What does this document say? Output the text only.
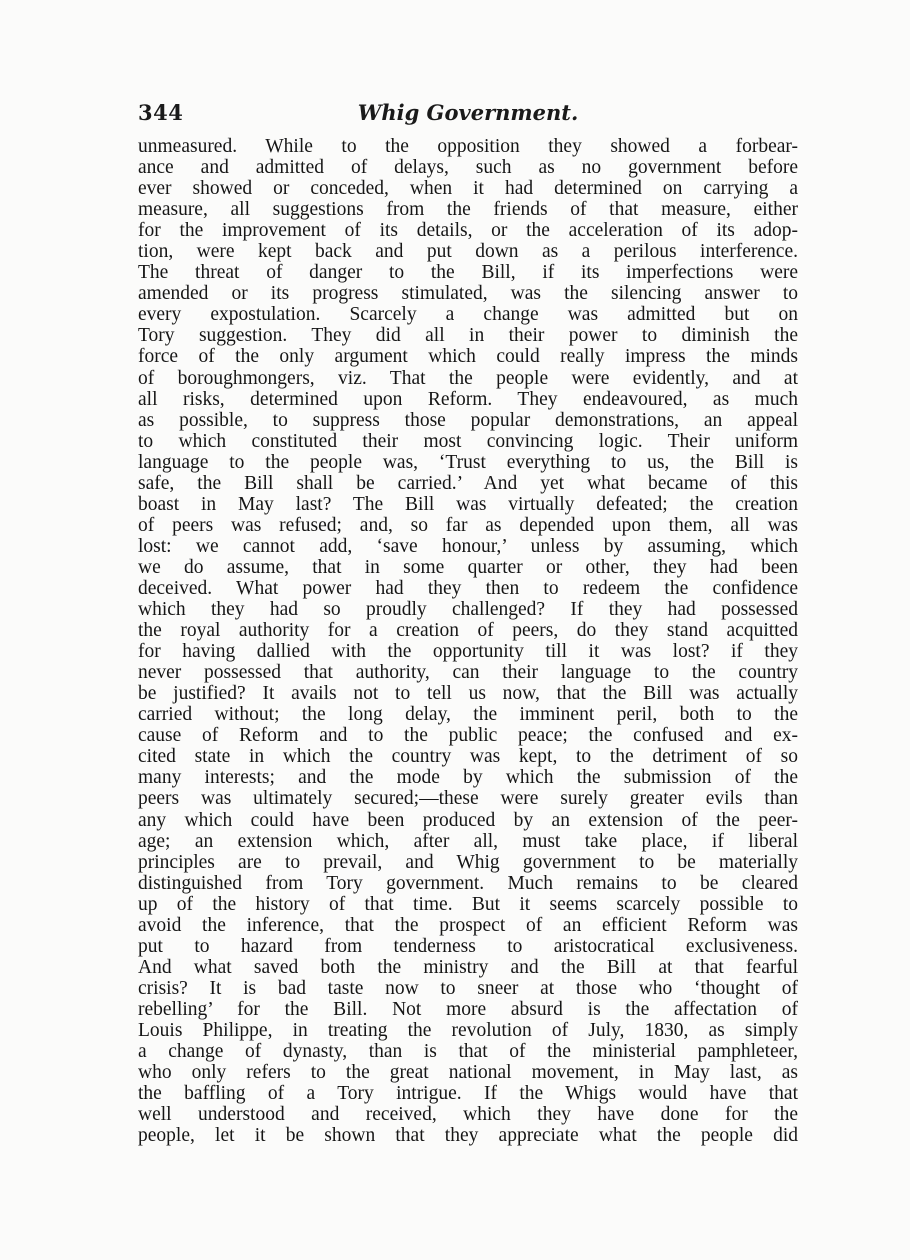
344	Whig Government.
unmeasured. While to the opposition they showed a forbear-
ance and admitted of delays, such as no government before
ever showed or conceded, when it had determined on carrying a
measure, all suggestions from the friends of that measure, either
for the improvement of its details, or the acceleration of its adop-
tion, were kept back and put down as a perilous interference.
The threat of danger to the Bill, if its imperfections were
amended or its progress stimulated, was the silencing answer to
every expostulation. Scarcely a change was admitted but on
Tory suggestion. They did all in their power to diminish the
force of the only argument which could really impress the minds
of boroughmongers, viz. That the people were evidently, and at
all risks, determined upon Reform. They endeavoured, as much
as possible, to suppress those popular demonstrations, an appeal
to which constituted their most convincing logic. Their uniform
language to the people was, ‘Trust everything to us, the Bill is
safe, the Bill shall be carried.’ And yet what became of this
boast in May last? The Bill was virtually defeated; the creation
of peers was refused; and, so far as depended upon them, all was
lost: we cannot add, ‘save honour,’ unless by assuming, which
we do assume, that in some quarter or other, they had been
deceived. What power had they then to redeem the confidence
which they had so proudly challenged? If they had possessed
the royal authority for a creation of peers, do they stand acquitted
for having dallied with the opportunity till it was lost? if they
never possessed that authority, can their language to the country
be justified? It avails not to tell us now, that the Bill was actually
carried without; the long delay, the imminent peril, both to the
cause of Reform and to the public peace; the confused and ex-
cited state in which the country was kept, to the detriment of so
many interests; and the mode by which the submission of the
peers was ultimately secured;—these were surely greater evils than
any which could have been produced by an extension of the peer-
age; an extension which, after all, must take place, if liberal
principles are to prevail, and Whig government to be materially
distinguished from Tory government. Much remains to be cleared
up of the history of that time. But it seems scarcely possible to
avoid the inference, that the prospect of an efficient Reform was
put to hazard from tenderness to aristocratical exclusiveness.
And what saved both the ministry and the Bill at that fearful
crisis? It is bad taste now to sneer at those who ‘thought of
rebelling’ for the Bill. Not more absurd is the affectation of
Louis Philippe, in treating the revolution of July, 1830, as simply
a change of dynasty, than is that of the ministerial pamphleteer,
who only refers to the great national movement, in May last, as
the baffling of a Tory intrigue. If the Whigs would have that
well understood and received, which they have done for the
people, let it be shown that they appreciate what the people did
